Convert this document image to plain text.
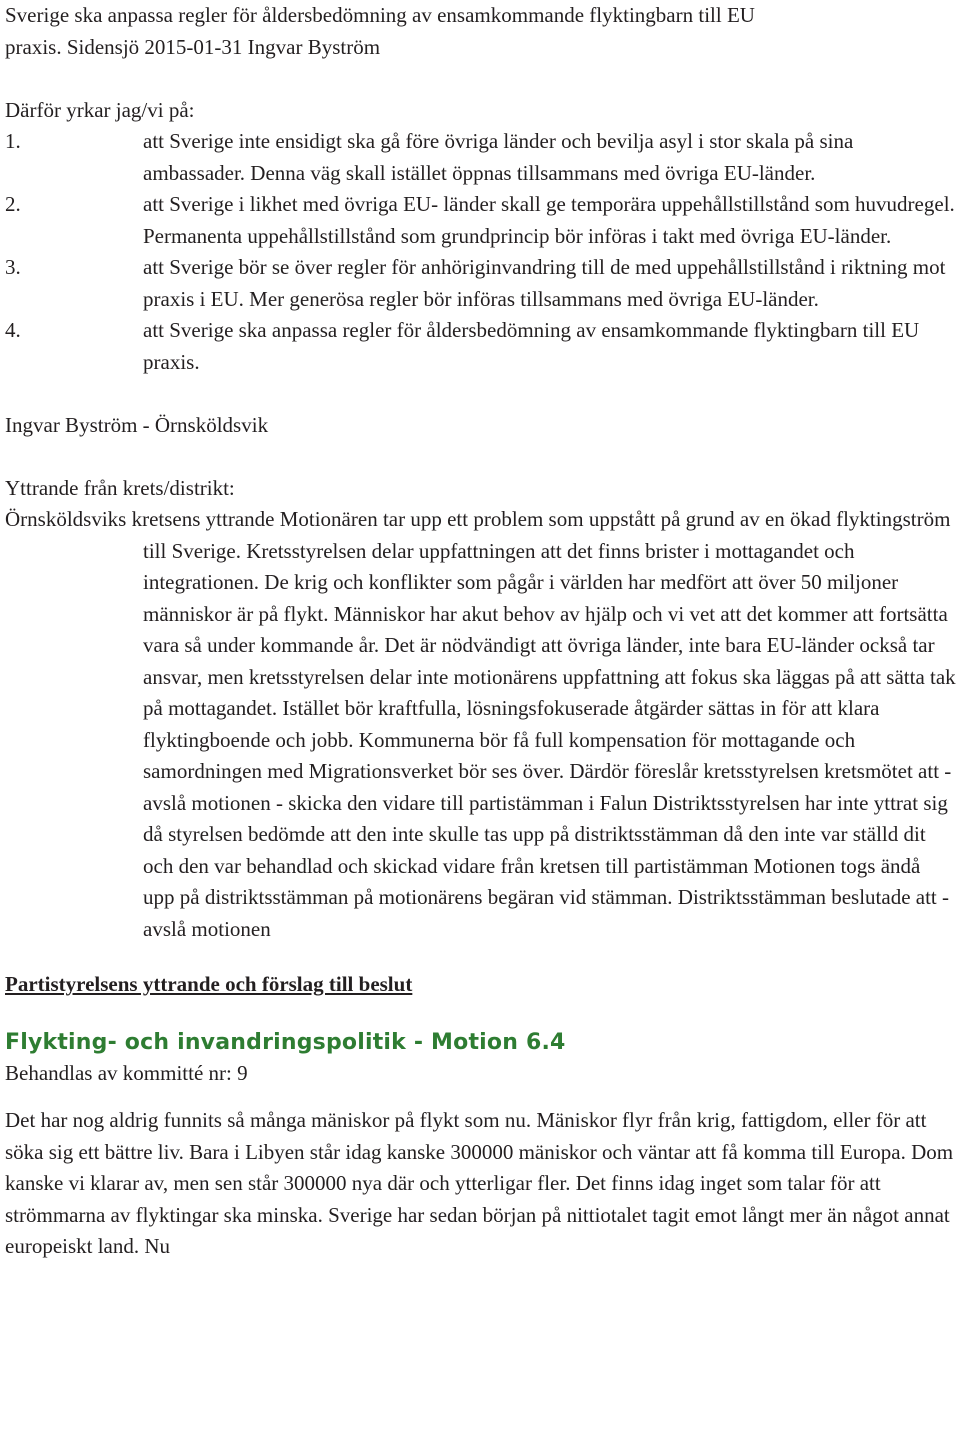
Sverige ska anpassa regler för åldersbedömning av ensamkommande flyktingbarn till EU

praxis. Sidensjö 2015-01-31 Ingvar Byström

Därför yrkar jag/vi på:

1.	att Sverige inte ensidigt ska gå före övriga länder och bevilja asyl i stor skala på sina ambassader. Denna väg skall istället öppnas tillsammans med övriga EU-länder.
2.	att Sverige i likhet med övriga EU- länder skall ge temporära uppehållstillstånd som huvudregel. Permanenta uppehållstillstånd som grundprincip bör införas i takt med övriga EU-länder.
3.	att Sverige bör se över regler för anhöriginvandring till de med uppehållstillstånd i riktning mot praxis i EU. Mer generösa regler bör införas tillsammans med övriga EU-länder.
4.	att Sverige ska anpassa regler för åldersbedömning av ensamkommande flyktingbarn till EU praxis.

Ingvar Byström - Örnsköldsvik

Yttrande från krets/distrikt:

Örnsköldsviks kretsens yttrande Motionären tar upp ett problem som uppstått på grund av en ökad flyktingström till Sverige. Kretsstyrelsen delar uppfattningen att det finns brister i mottagandet och integrationen. De krig och konflikter som pågår i världen har medfört att över 50 miljoner människor är på flykt. Människor har akut behov av hjälp och vi vet att det kommer att fortsätta vara så under kommande år. Det är nödvändigt att övriga länder, inte bara EU-länder också tar ansvar, men kretsstyrelsen delar inte motionärens uppfattning att fokus ska läggas på att sätta tak på mottagandet. Istället bör kraftfulla, lösningsfokuserade åtgärder sättas in för att klara flyktingboende och jobb. Kommunerna bör få full kompensation för mottagande och samordningen med Migrationsverket bör ses över. Därdör föreslår kretsstyrelsen kretsmötet att - avslå motionen - skicka den vidare till partistämman i Falun Distriktsstyrelsen har inte yttrat sig då styrelsen bedömde att den inte skulle tas upp på distriktsstämman då den inte var ställd dit och den var behandlad och skickad vidare från kretsen till partistämman Motionen togs ändå upp på distriktsstämman på motionärens begäran vid stämman. Distriktsstämman beslutade att - avslå motionen

Partistyrelsens yttrande och förslag till beslut

Flykting- och invandringspolitik - Motion 6.4

Behandlas av kommitté nr: 9

Det har nog aldrig funnits så många mäniskor på flykt som nu. Mäniskor flyr från krig, fattigdom, eller för att söka sig ett bättre liv. Bara i Libyen står idag kanske 300000 mäniskor och väntar att få komma till Europa. Dom kanske vi klarar av, men sen står 300000 nya där och ytterligar fler. Det finns idag inget som talar för att strömmarna av flyktingar ska minska. Sverige har sedan början på nittiotalet tagit emot långt mer än något annat europeiskt land. Nu
